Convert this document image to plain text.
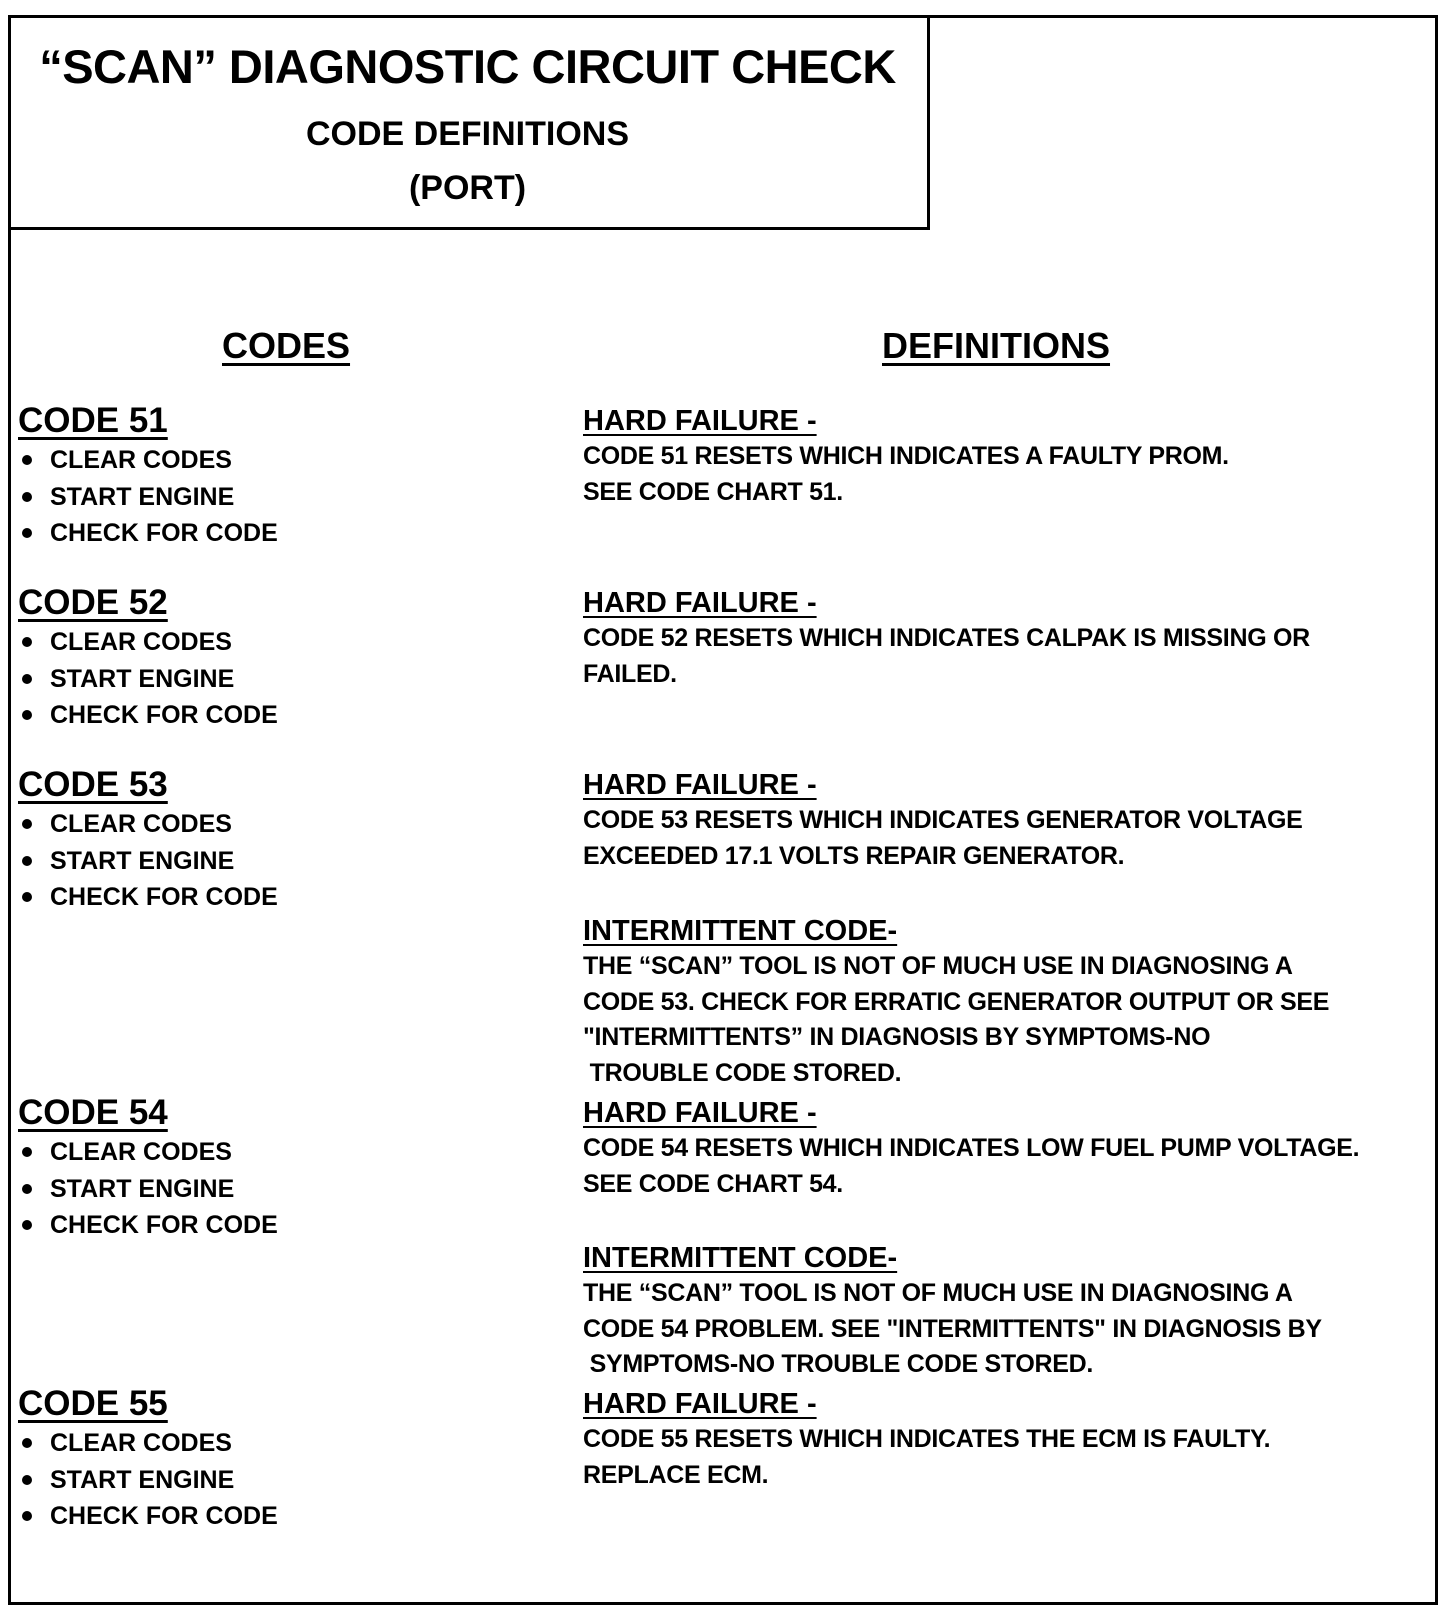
“SCAN” DIAGNOSTIC CIRCUIT CHECK
CODE DEFINITIONS
(PORT)
CODES	DEFINITIONS

CODE 51

CLEAR CODES
START ENGINE
CHECK FOR CODE

CODE 52

CLEAR CODES
START ENGINE
CHECK FOR CODE

CODE 53

CLEAR CODES
START ENGINE
CHECK FOR CODE

CODE 54

CLEAR CODES
START ENGINE
CHECK FOR CODE

CODE 55

CLEAR CODES
START ENGINE
CHECK FOR CODE

HARD FAILURE -

CODE 51 RESETS WHICH INDICATES A FAULTY PROM.

SEE CODE CHART 51.

HARD FAILURE -

CODE 52 RESETS WHICH INDICATES CALPAK IS MISSING OR

FAILED.

HARD FAILURE -

CODE 53 RESETS WHICH INDICATES GENERATOR VOLTAGE

EXCEEDED 17.1 VOLTS REPAIR GENERATOR.

INTERMITTENT CODE-

THE “SCAN” TOOL IS NOT OF MUCH USE IN DIAGNOSING A

CODE 53. CHECK FOR ERRATIC GENERATOR OUTPUT OR SEE

"INTERMITTENTS” IN DIAGNOSIS BY SYMPTOMS-NO

TROUBLE CODE STORED.

HARD FAILURE -

CODE 54 RESETS WHICH INDICATES LOW FUEL PUMP VOLTAGE.

SEE CODE CHART 54.

INTERMITTENT CODE-

THE “SCAN” TOOL IS NOT OF MUCH USE IN DIAGNOSING A

CODE 54 PROBLEM. SEE "INTERMITTENTS" IN DIAGNOSIS BY

SYMPTOMS-NO TROUBLE CODE STORED.

HARD FAILURE -

CODE 55 RESETS WHICH INDICATES THE ECM IS FAULTY.

REPLACE ECM.
